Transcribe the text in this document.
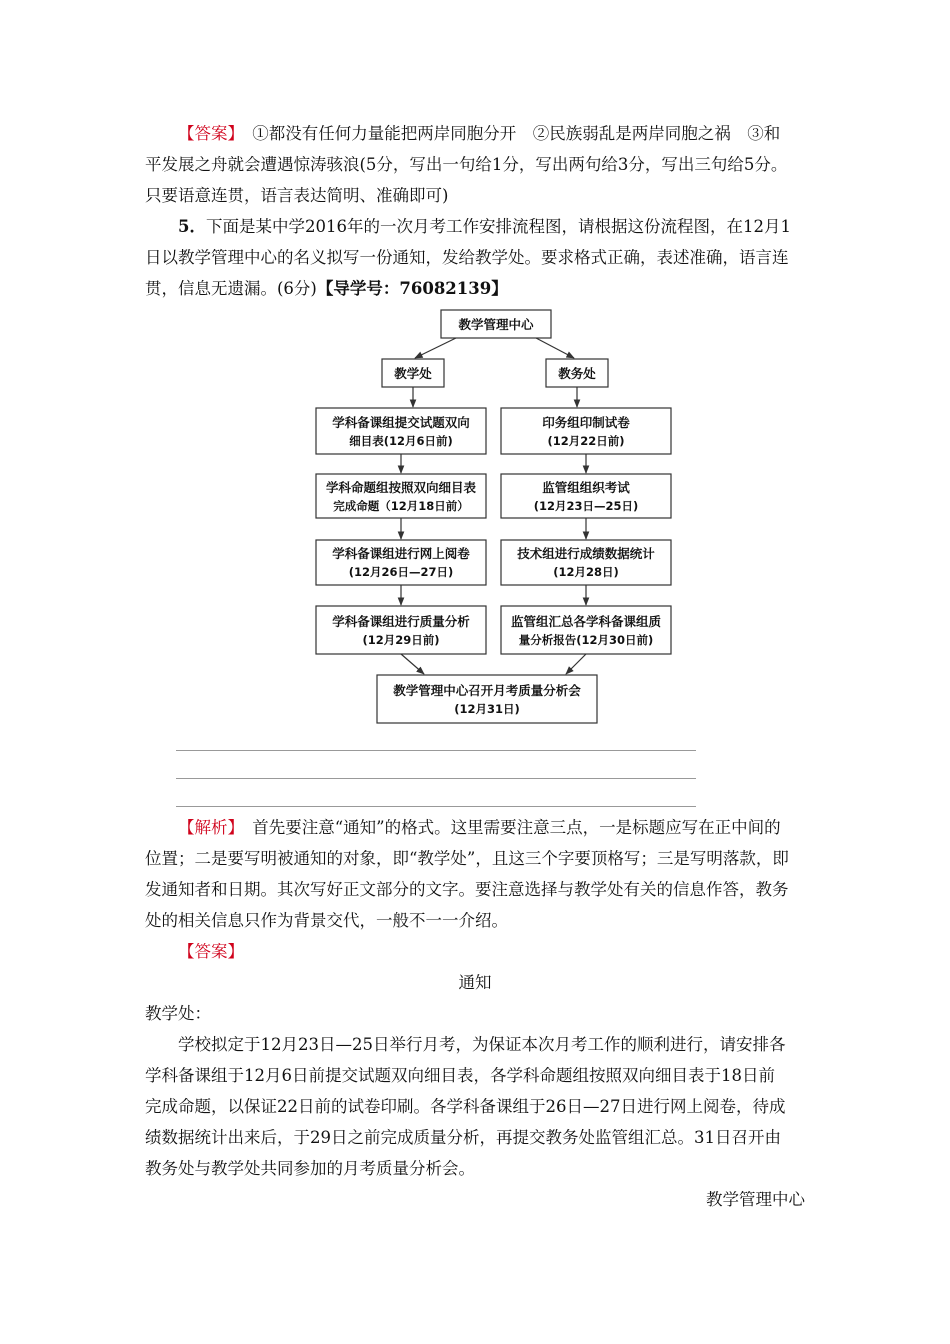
【答案】　 ①都没有任何力量能把两岸同胞分开　②民族弱乱是两岸同胞之祸　③和

平发展之舟就会遭遇惊涛骇浪(5分，写出一句给1分，写出两句给3分，写出三句给5分。

只要语意连贯，语言表达简明、准确即可)

5．下面是某中学2016年的一次月考工作安排流程图，请根据这份流程图，在12月1

日以教学管理中心的名义拟写一份通知，发给教学处。要求格式正确，表述准确，语言连

贯，信息无遗漏。(6分)【导学号：76082139】

教学管理中心
教学处	教务处
学科备课组提交试题双向
细目表(12月6日前)
学科命题组按照双向细目表
完成命题（12月18日前）
学科备课组进行网上阅卷
(12月26日—27日)
学科备课组进行质量分析
(12月29日前)
印务组印制试卷
(12月22日前)
监管组组织考试
(12月23日—25日)
技术组进行成绩数据统计
(12月28日)
监管组汇总各学科备课组质
量分析报告(12月30日前)
教学管理中心召开月考质量分析会
(12月31日)

【解析】　 首先要注意“通知”的格式。这里需要注意三点，一是标题应写在正中间的

位置；二是要写明被通知的对象，即“教学处”，且这三个字要顶格写；三是写明落款，即

发通知者和日期。其次写好正文部分的文字。要注意选择与教学处有关的信息作答，教务

处的相关信息只作为背景交代，一般不一一介绍。

【答案】

通知

教学处：

学校拟定于12月23日—25日举行月考，为保证本次月考工作的顺利进行，请安排各

学科备课组于12月6日前提交试题双向细目表，各学科命题组按照双向细目表于18日前

完成命题，以保证22日前的试卷印刷。各学科备课组于26日—27日进行网上阅卷，待成

绩数据统计出来后，于29日之前完成质量分析，再提交教务处监管组汇总。31日召开由

教务处与教学处共同参加的月考质量分析会。

教学管理中心
